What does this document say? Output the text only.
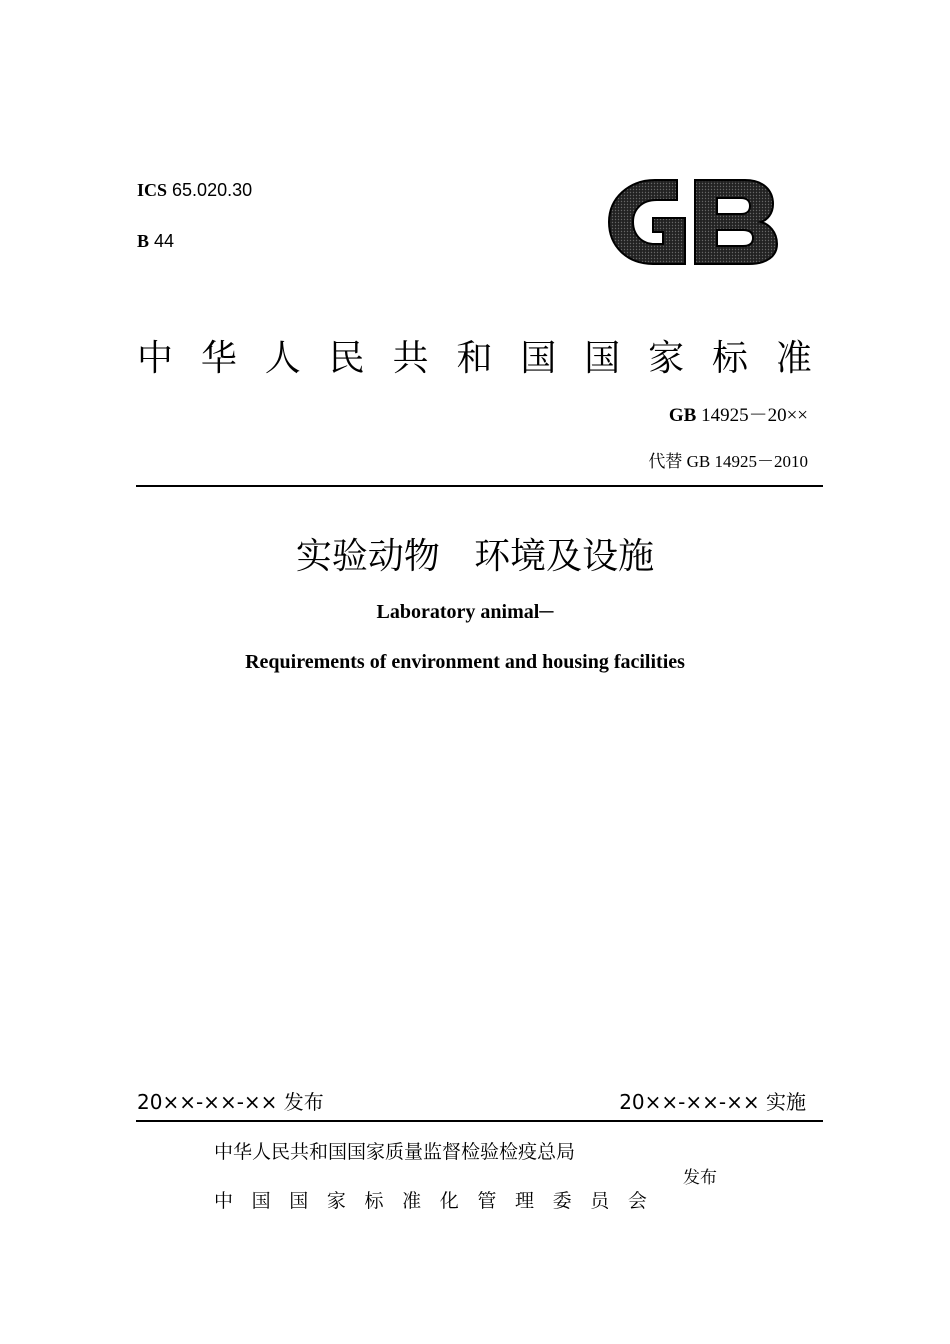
ICS 65.020.30
B 44
中 华 人 民 共 和 国 国 家 标 准
GB 14925－20××
代替 GB 14925－2010
实验动物   环境及设施
Laboratory animal─
Requirements of environment and housing facilities
20××-××-×× 发布	20××-××-×× 实施
中华人民共和国国家质量监督检验检疫总局
中 国 国 家 标 准 化 管 理 委 员 会
发布
